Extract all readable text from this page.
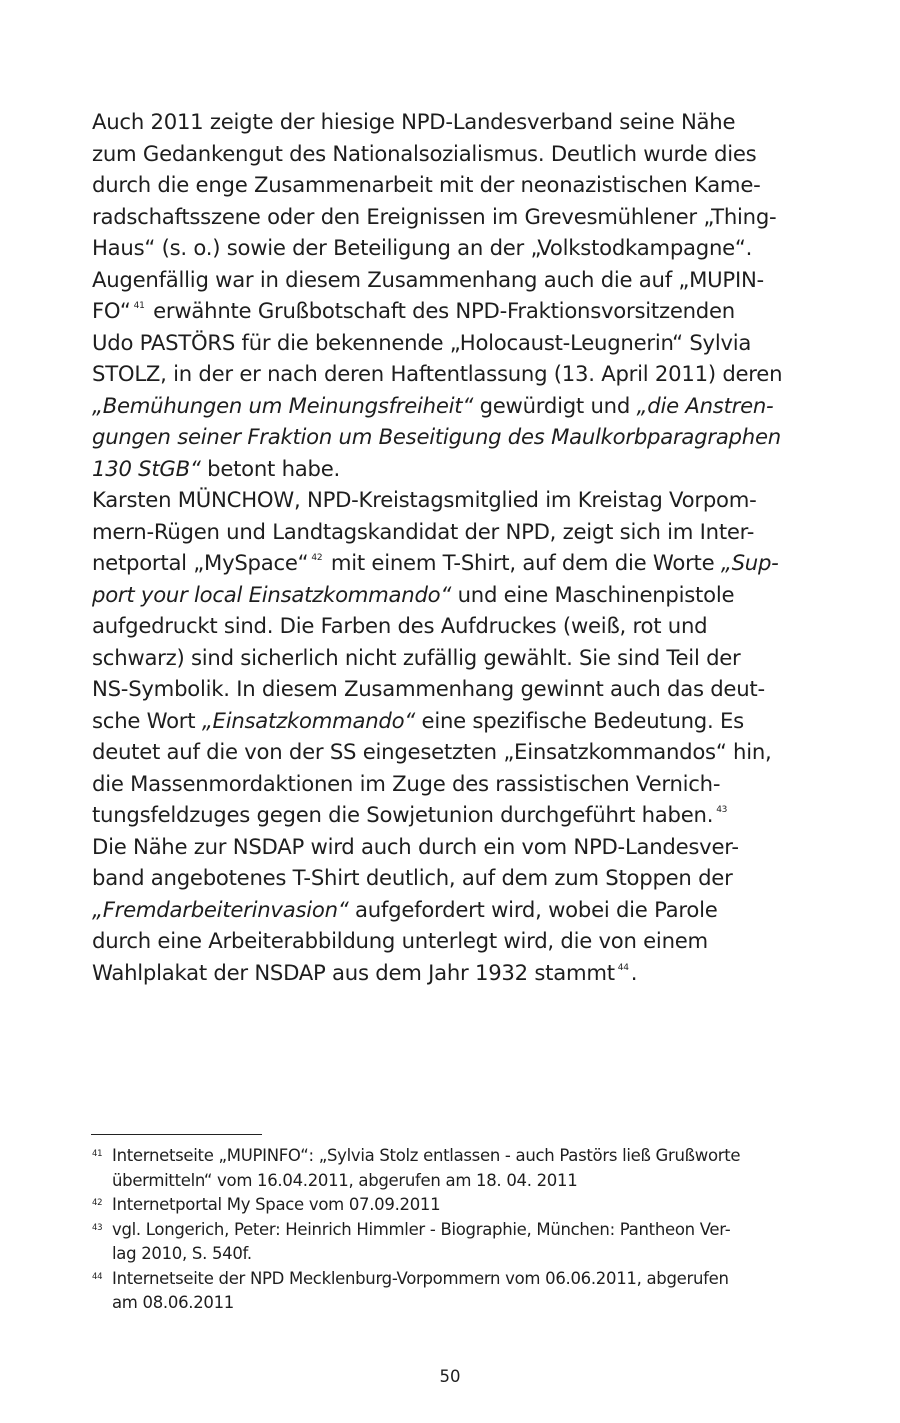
Auch 2011 zeigte der hiesige NPD-Landesverband seine Nähe
zum Gedankengut des Nationalsozialismus. Deutlich wurde dies
durch die enge Zusammenarbeit mit der neonazistischen Kame-
radschaftsszene oder den Ereignissen im Grevesmühlener „Thing-
Haus“ (s. o.) sowie der Beteiligung an der „Volkstodkampagne“.
Augenfällig war in diesem Zusammenhang auch die auf „MUPIN-
FO“ $^{41}$ erwähnte Grußbotschaft des NPD-Fraktionsvorsitzenden
Udo PASTÖRS für die bekennende „Holocaust-Leugnerin“ Sylvia
STOLZ, in der er nach deren Haftentlassung (13. April 2011) deren
„Bemühungen um Meinungsfreiheit“ gewürdigt und „die Anstren-
gungen seiner Fraktion um Beseitigung des Maulkorbparagraphen
130 StGB“ betont habe.
Karsten MÜNCHOW, NPD-Kreistagsmitglied im Kreistag Vorpom-
mern-Rügen und Landtagskandidat der NPD, zeigt sich im Inter-
netportal „MySpace“ $^{42}$ mit einem T-Shirt, auf dem die Worte „Sup-
port your local Einsatzkommando“ und eine Maschinenpistole
aufgedruckt sind. Die Farben des Aufdruckes (weiß, rot und
schwarz) sind sicherlich nicht zufällig gewählt. Sie sind Teil der
NS-Symbolik. In diesem Zusammenhang gewinnt auch das deut-
sche Wort „Einsatzkommando“ eine spezifische Bedeutung. Es
deutet auf die von der SS eingesetzten „Einsatzkommandos“ hin,
die Massenmordaktionen im Zuge des rassistischen Vernich-
tungsfeldzuges gegen die Sowjetunion durchgeführt haben. $^{43}$
Die Nähe zur NSDAP wird auch durch ein vom NPD-Landesver-
band angebotenes T-Shirt deutlich, auf dem zum Stoppen der
„Fremdarbeiterinvasion“ aufgefordert wird, wobei die Parole
durch eine Arbeiterabbildung unterlegt wird, die von einem
Wahlplakat der NSDAP aus dem Jahr 1932 stammt $^{44}$.
41 Internetseite „MUPINFO“: „Sylvia Stolz entlassen - auch Pastörs ließ Grußworte
übermitteln“ vom 16.04.2011, abgerufen am 18. 04. 2011
42 Internetportal My Space vom 07.09.2011
43 vgl. Longerich, Peter: Heinrich Himmler - Biographie, München: Pantheon Ver-
lag 2010, S. 540f.
44 Internetseite der NPD Mecklenburg-Vorpommern vom 06.06.2011, abgerufen
am 08.06.2011
50
